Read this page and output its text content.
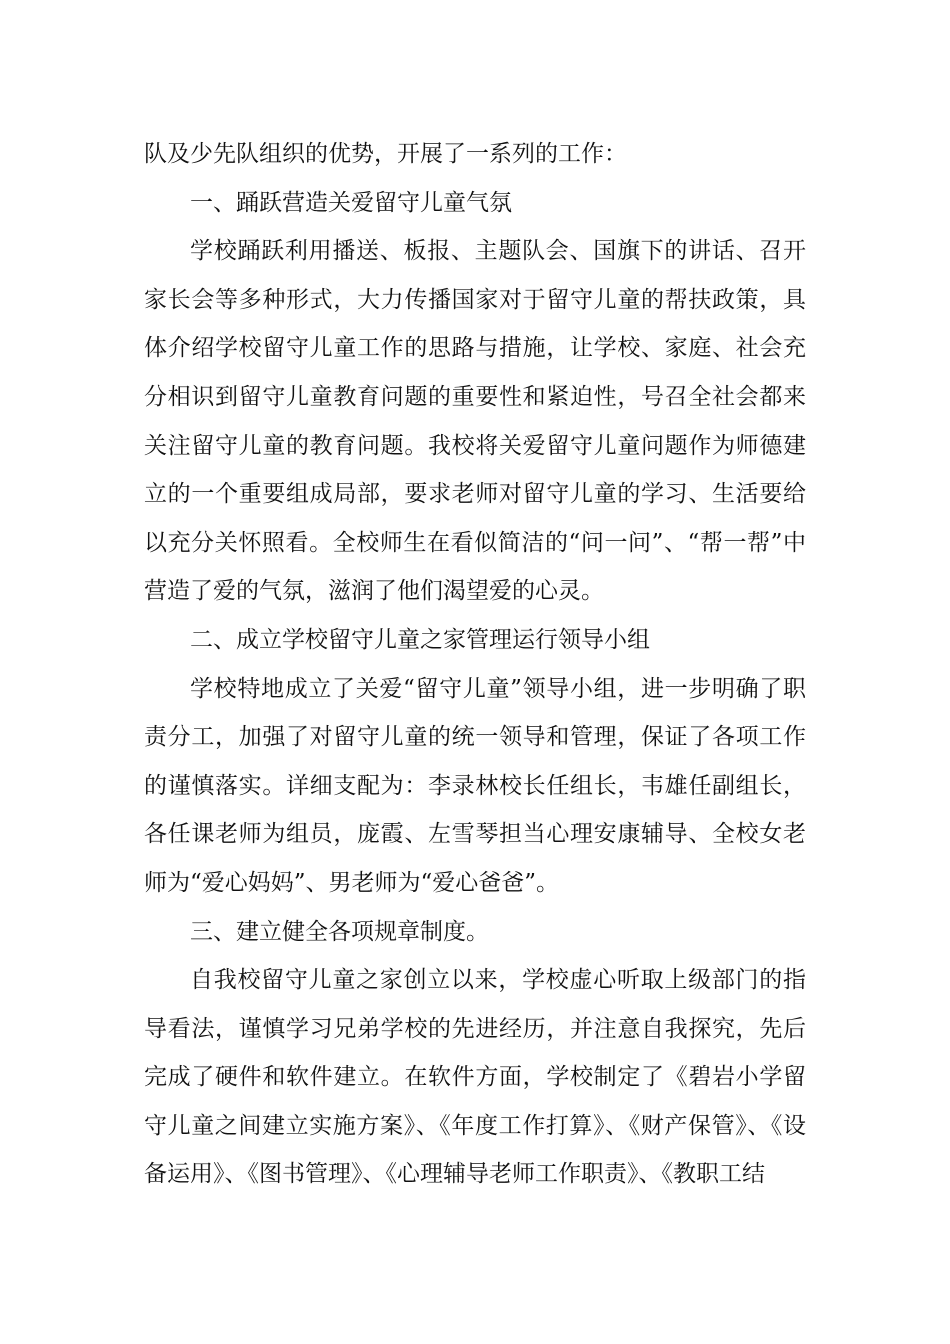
队及少先队组织的优势，开展了一系列的工作：

一、踊跃营造关爱留守儿童气氛

学校踊跃利用播送、板报、主题队会、国旗下的讲话、召开家长会等多种形式，大力传播国家对于留守儿童的帮扶政策，具体介绍学校留守儿童工作的思路与措施，让学校、家庭、社会充分相识到留守儿童教育问题的重要性和紧迫性，号召全社会都来关注留守儿童的教育问题。我校将关爱留守儿童问题作为师德建立的一个重要组成局部，要求老师对留守儿童的学习、生活要给以充分关怀照看。全校师生在看似简洁的“问一问”、“帮一帮”中营造了爱的气氛，滋润了他们渴望爱的心灵。

二、成立学校留守儿童之家管理运行领导小组

学校特地成立了关爱“留守儿童”领导小组，进一步明确了职责分工，加强了对留守儿童的统一领导和管理，保证了各项工作的谨慎落实。详细支配为：李录林校长任组长，韦雄任副组长，各任课老师为组员，庞霞、左雪琴担当心理安康辅导、全校女老师为“爱心妈妈”、男老师为“爱心爸爸”。

三、建立健全各项规章制度。

自我校留守儿童之家创立以来，学校虚心听取上级部门的指导看法，谨慎学习兄弟学校的先进经历，并注意自我探究，先后完成了硬件和软件建立。在软件方面，学校制定了《碧岩小学留守儿童之间建立实施方案》、《年度工作打算》、《财产保管》、《设备运用》、《图书管理》、《心理辅导老师工作职责》、《教职工结
